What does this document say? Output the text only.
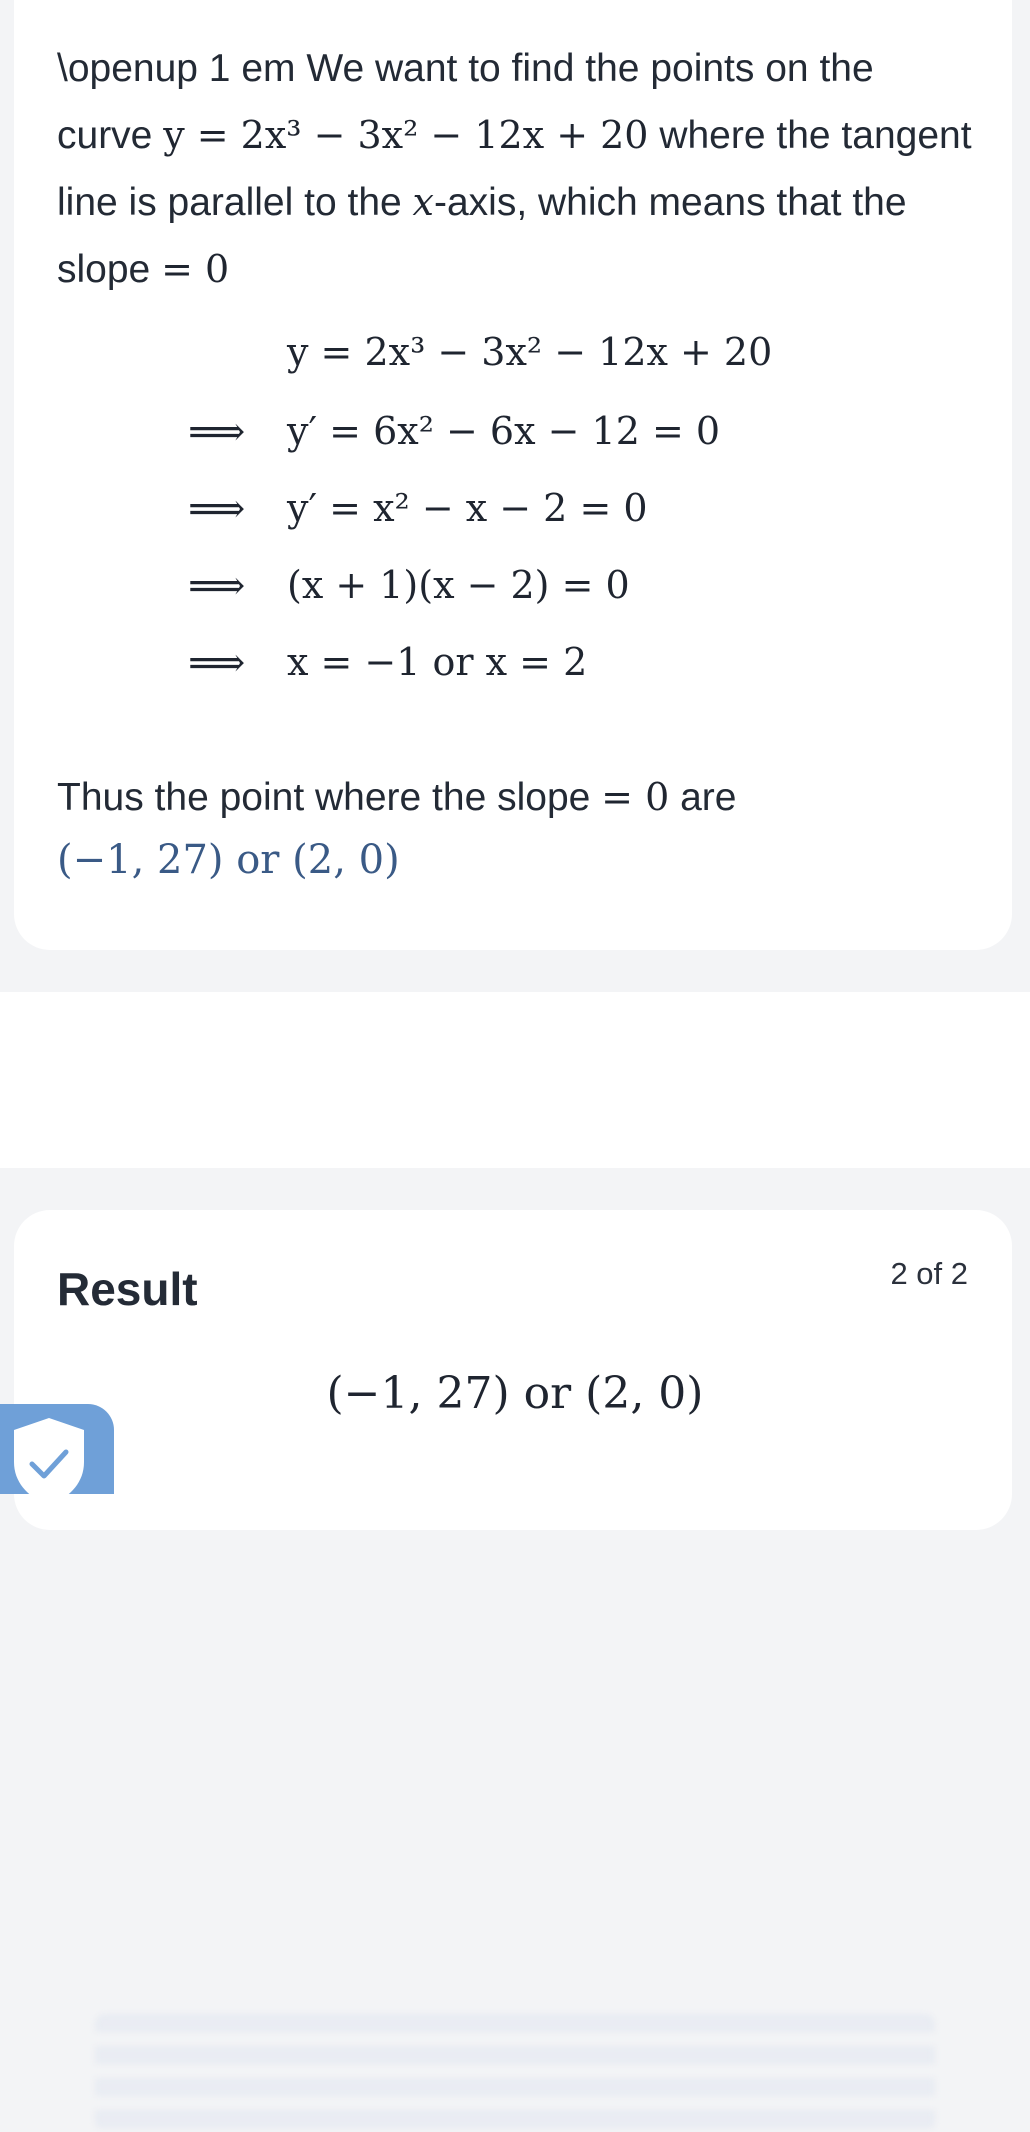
\openup 1 em We want to find the points on the curve y = 2x³ − 3x² − 12x + 20 where the tangent line is parallel to the x-axis, which means that the slope = 0
y = 2x³ − 3x² − 12x + 20
⟹	y′ = 6x² − 6x − 12 = 0
⟹	y′ = x² − x − 2 = 0
⟹	(x + 1)(x − 2) = 0
⟹	x = −1 or x = 2
Thus the point where the slope = 0 are
(−1, 27) or (2, 0)
Result	2 of 2
(−1, 27) or (2, 0)
